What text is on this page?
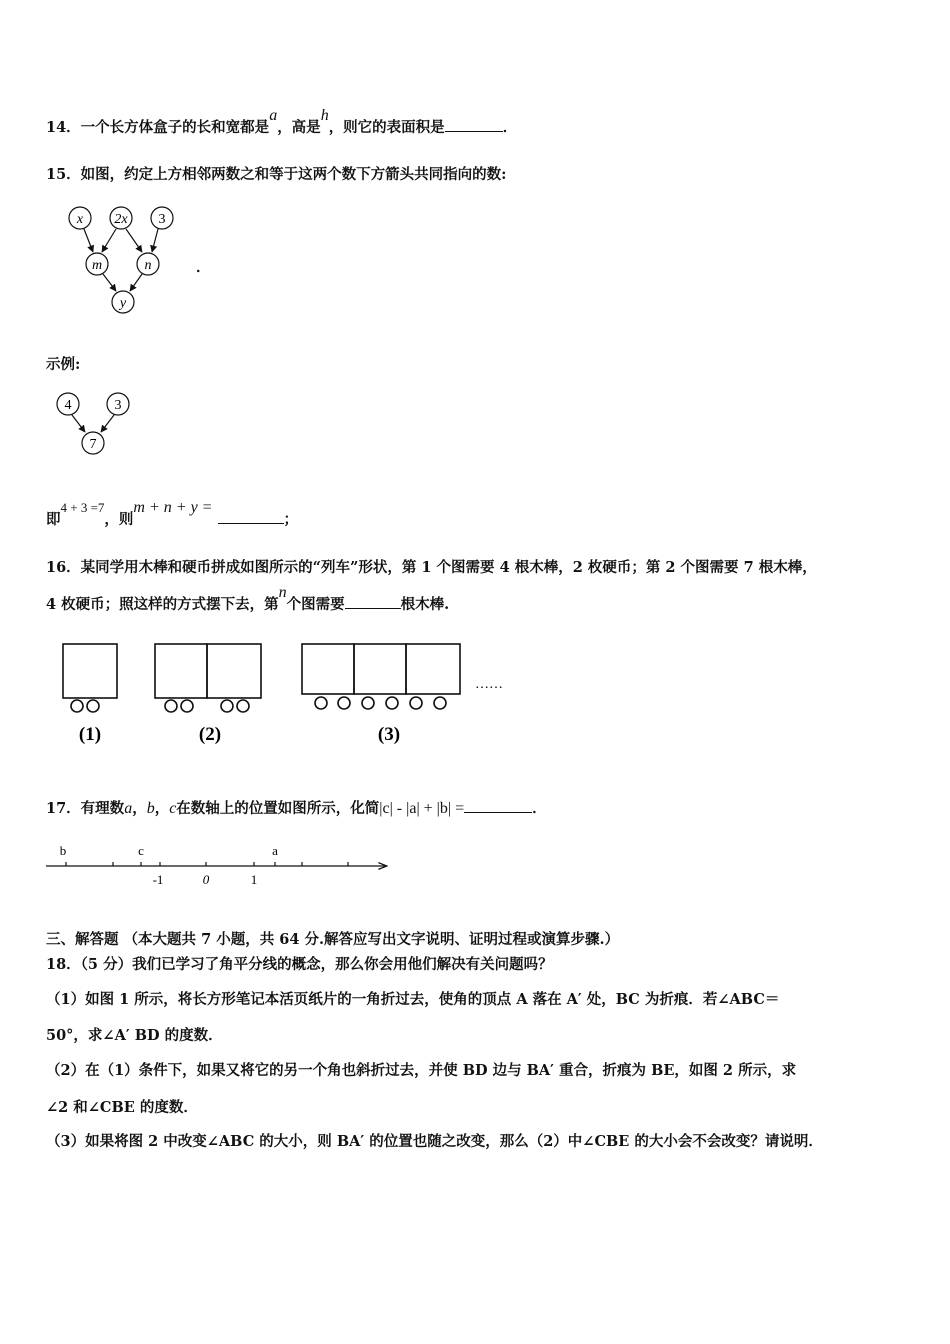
14．一个长方体盒子的长和宽都是a，高是h，则它的表面积是	．
15．如图，约定上方相邻两数之和等于这两个数下方箭头共同指向的数:
x 2x 3
m	n
y
．
示例:
4	3
7
即4 + 3 =7，则m + n + y = ；
16．某同学用木棒和硬币拼成如图所示的“列车”形状，第 1 个图需要 4 根木棒，2 枚硬币；第 2 个图需要 7 根木棒，
4 枚硬币；照这样的方式摆下去，第n个图需要	根木棒.
……
(1)	(2)	(3)
17．有理数a，b，c在数轴上的位置如图所示，化简|c| - |a| + |b| =	．
b	c	a
-1	0	1
三、解答题 （本大题共 7 小题，共 64 分.解答应写出文字说明、证明过程或演算步骤.）
18．（5 分）我们已学习了角平分线的概念，那么你会用他们解决有关问题吗？
（1）如图 1 所示，将长方形笔记本活页纸片的一角折过去，使角的顶点 A 落在 A′ 处，BC 为折痕．若∠ABC＝
50°，求∠A′ BD 的度数．
（2）在（1）条件下，如果又将它的另一个角也斜折过去，并使 BD 边与 BA′ 重合，折痕为 BE，如图 2 所示，求
∠2 和∠CBE 的度数．
（3）如果将图 2 中改变∠ABC 的大小，则 BA′ 的位置也随之改变，那么（2）中∠CBE 的大小会不会改变？请说明．
